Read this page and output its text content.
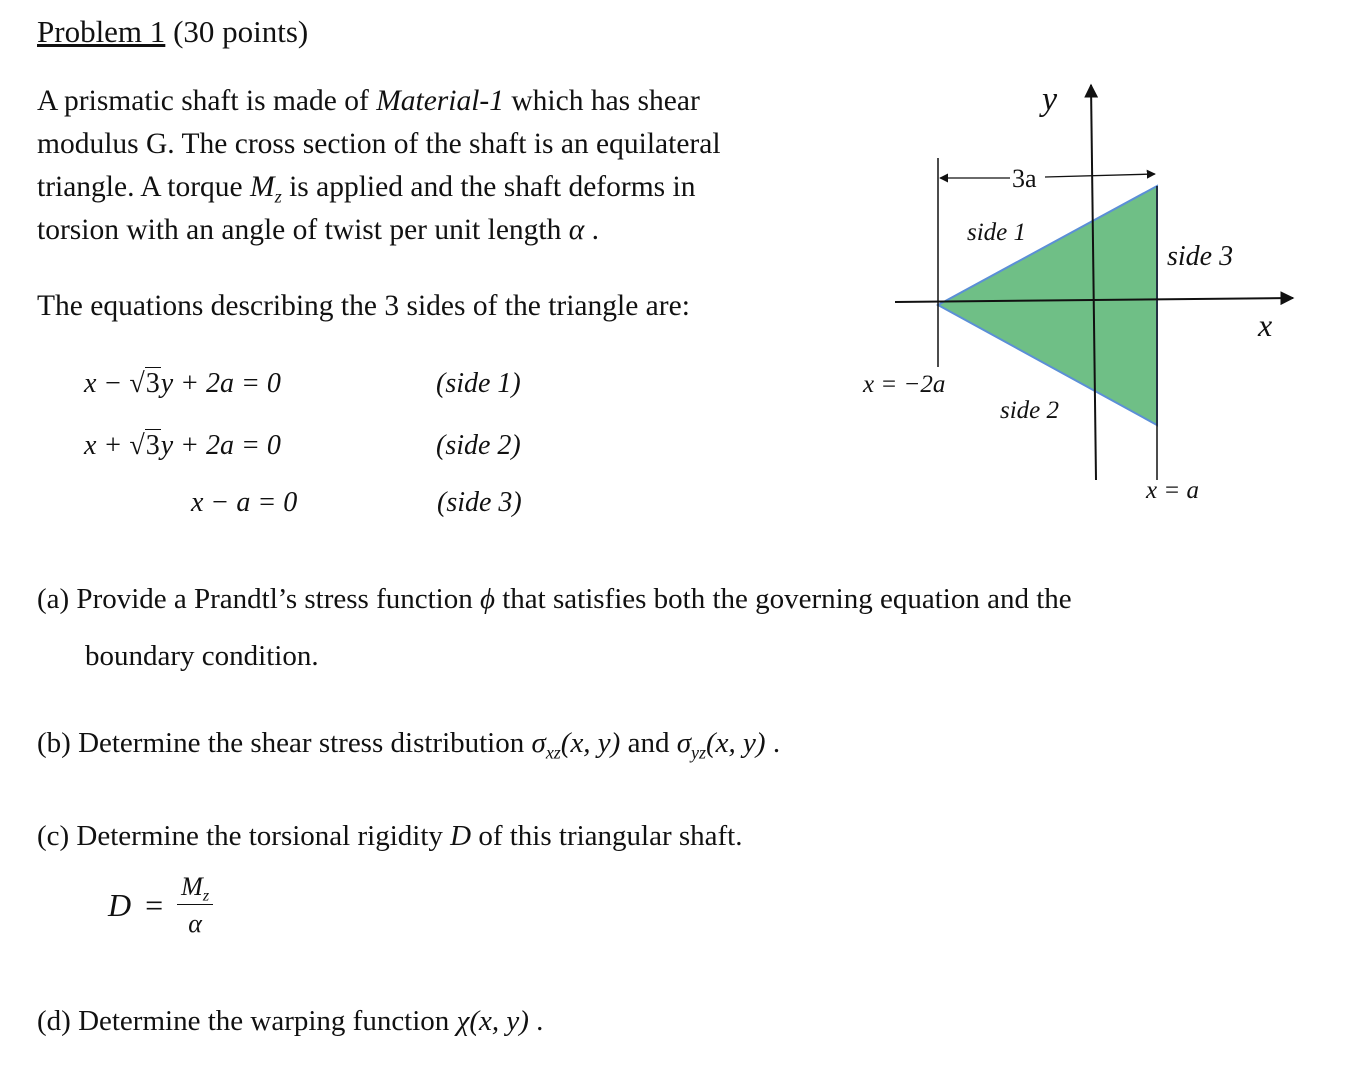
Problem 1 (30 points)
A prismatic shaft is made of Material-1 which has shear
modulus G. The cross section of the shaft is an equilateral
triangle. A torque $M_z$ is applied and the shaft deforms in
torsion with an angle of twist per unit length α .
The equations describing the 3 sides of the triangle are:
x − √3y + 2a = 0	(side 1)
x + √3y + 2a = 0	(side 2)
x − a = 0	(side 3)
y
x
3a
side 1
side 2
side 3
x = −2a
x = a
(a) Provide a Prandtl’s stress function ϕ that satisfies both the governing equation and the
boundary condition.
(b) Determine the shear stress distribution $\sigma_{xz}(x$, y) and $\sigma_{yz}(x$, y) .
(c) Determine the torsional rigidity D of this triangular shaft.
$D = \frac{M_z}{\alpha}$
(d) Determine the warping function χ(x, y) .
